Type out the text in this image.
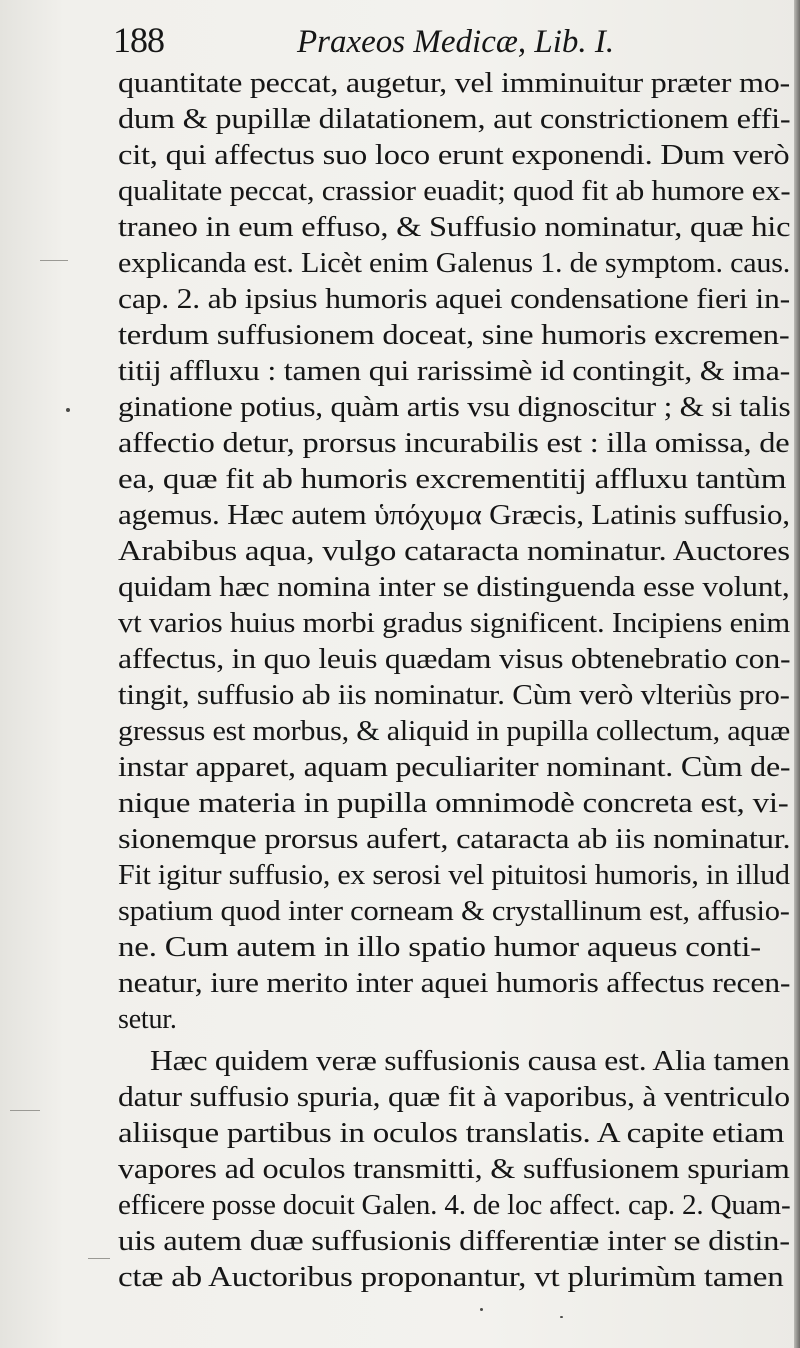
188	Praxeos Medicæ, Lib. I.
quantitate peccat, augetur, vel imminuitur præter mo-
dum & pupillæ dilatationem, aut constrictionem effi-
cit, qui affectus suo loco erunt exponendi. Dum verò
qualitate peccat, crassior euadit; quod fit ab humore ex-
traneo in eum effuso, & Suffusio nominatur, quæ hic
explicanda est. Licèt enim Galenus 1. de symptom. caus.
cap. 2. ab ipsius humoris aquei condensatione fieri in-
terdum suffusionem doceat, sine humoris excremen-
titij affluxu : tamen qui rarissimè id contingit, & ima-
ginatione potius, quàm artis vsu dignoscitur ; & si talis
affectio detur, prorsus incurabilis est : illa omissa, de
ea, quæ fit ab humoris excrementitij affluxu tantùm
agemus. Hæc autem ὑπόχυμα Græcis, Latinis suffusio,
Arabibus aqua, vulgo cataracta nominatur. Auctores
quidam hæc nomina inter se distinguenda esse volunt,
vt varios huius morbi gradus significent. Incipiens enim
affectus, in quo leuis quædam visus obtenebratio con-
tingit, suffusio ab iis nominatur. Cùm verò vlteriùs pro-
gressus est morbus, & aliquid in pupilla collectum, aquæ
instar apparet, aquam peculiariter nominant. Cùm de-
nique materia in pupilla omnimodè concreta est, vi-
sionemque prorsus aufert, cataracta ab iis nominatur.
Fit igitur suffusio, ex serosi vel pituitosi humoris, in illud
spatium quod inter corneam & crystallinum est, affusio-
ne. Cum autem in illo spatio humor aqueus conti-
neatur, iure merito inter aquei humoris affectus recen-
setur.
Hæc quidem veræ suffusionis causa est. Alia tamen
datur suffusio spuria, quæ fit à vaporibus, à ventriculo
aliisque partibus in oculos translatis. A capite etiam
vapores ad oculos transmitti, & suffusionem spuriam
efficere posse docuit Galen. 4. de loc affect. cap. 2. Quam-
uis autem duæ suffusionis differentiæ inter se distin-
ctæ ab Auctoribus proponantur, vt plurimùm tamen
